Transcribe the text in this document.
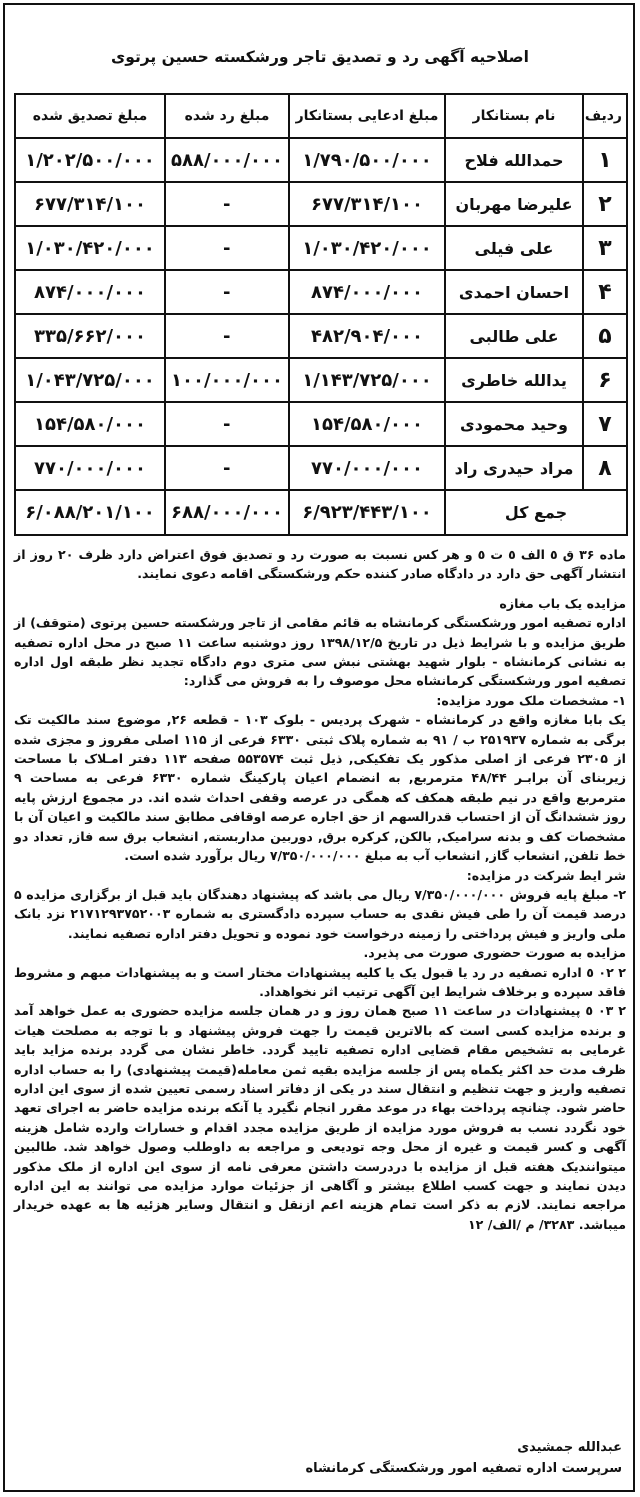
اصلاحیه آگهی رد و تصدیق تاجر ورشکسته حسین پرتوی
ردیف	نام بستانکار	مبلغ ادعایی بستانکار	مبلغ رد شده	مبلغ تصدیق شده
۱	حمدالله فلاح	۱/۷۹۰/۵۰۰/۰۰۰	۵۸۸/۰۰۰/۰۰۰	۱/۲۰۲/۵۰۰/۰۰۰
۲	علیرضا مهربان	۶۷۷/۳۱۴/۱۰۰	-	۶۷۷/۳۱۴/۱۰۰
۳	علی فیلی	۱/۰۳۰/۴۲۰/۰۰۰	-	۱/۰۳۰/۴۲۰/۰۰۰
۴	احسان احمدی	۸۷۴/۰۰۰/۰۰۰	-	۸۷۴/۰۰۰/۰۰۰
۵	علی طالبی	۴۸۲/۹۰۴/۰۰۰	-	۳۳۵/۶۶۲/۰۰۰
۶	یدالله خاطری	۱/۱۴۳/۷۲۵/۰۰۰	۱۰۰/۰۰۰/۰۰۰	۱/۰۴۳/۷۲۵/۰۰۰
۷	وحید محمودی	۱۵۴/۵۸۰/۰۰۰	-	۱۵۴/۵۸۰/۰۰۰
۸	مراد حیدری راد	۷۷۰/۰۰۰/۰۰۰	-	۷۷۰/۰۰۰/۰۰۰
جمع کل		۶/۹۲۳/۴۴۳/۱۰۰	۶۸۸/۰۰۰/۰۰۰	۶/۰۸۸/۲۰۱/۱۰۰

ماده ۳۶ ق ٥ الف ٥ ت ٥ و هر کس نسبت به صورت رد و تصدیق فوق اعتراض دارد ظرف ۲۰ روز از انتشار آگهی حق دارد در دادگاه صادر کننده حکم ورشکستگی اقامه دعوی نمایند.

مزایده یک باب مغازه

اداره تصفیه امور ورشکستگی کرمانشاه به قائم مقامی از تاجر ورشکسته حسین پرتوی (متوقف) از طریق مزایده و با شرایط ذیل در تاریخ ۱۳۹۸/۱۲/۵ روز دوشنبه ساعت ۱۱ صبح در محل اداره تصفیه به نشانی کرمانشاه - بلوار شهید بهشتی نبش سی متری دوم دادگاه تجدید نظر طبقه اول اداره تصفیه امور ورشکستگی کرمانشاه محل موصوف را به فروش می گذارد:

۱- مشخصات ملک مورد مزایده:

یک بابا مغازه واقع در کرمانشاه - شهرک پردیس - بلوک ۱۰۳ - قطعه ۲۶, موضوع سند مالکیت تک برگی به شماره ۲۵۱۹۳۷ ب / ۹۱ به شماره پلاک ثبتی ۶۳۳۰ فرعی از ۱۱۵ اصلی مفروز و مجزی شده از ۲۳۰۵ فرعی از اصلی مذکور یک تفکیکی, ذیل ثبت ۵۵۳۵۷۴ صفحه ۱۱۳ دفتر امـلاک با مساحت زیربنای آن برابـر ۴۸/۴۴ مترمربع, به انضمام اعیان پارکینگ شماره ۶۳۳۰ فرعی به مساحت ۹ مترمربع واقع در نیم طبقه همکف که همگی در عرصه وقفی احداث شده اند. در مجموع ارزش پایه روز ششدانگ آن از احتساب قدرالسهم از حق اجاره عرصه اوقافی مطابق سند مالکیت و اعیان آن با مشخصات کف و بدنه سرامیک, بالکن, کرکره برق, دوربین مداربسته, انشعاب برق سه فاز, تعداد دو خط تلفن, انشعاب گاز, انشعاب آب به مبلغ ۷/۳۵۰/۰۰۰/۰۰۰ ریال برآورد شده است.

شر ایط شرکت در مزایده:

۲- مبلغ پایه فروش ۷/۳۵۰/۰۰۰/۰۰۰ ریال می باشد که پیشنهاد دهندگان باید قبل از برگزاری مزایده ۵ درصد قیمت آن را طی فیش نقدی به حساب سپرده دادگستری به شماره ۲۱۷۱۲۹۳۷۵۲۰۰۳ نزد بانک ملی واریز و فیش پرداختی را زمینه درخواست خود نموده و تحویل دفتر اداره تصفیه نمایند.

مزایده به صورت حضوری صورت می پذیرد.

۲ ۰۲ ٥ اداره تصفیه در رد یا قبول یک یا کلیه پیشنهادات مختار است و به پیشنهادات مبهم و مشروط فاقد سپرده و برخلاف شرایط این آگهی ترتیب اثر نخواهداد.

۲ ۰۳ ٥ پیشنهادات در ساعت ۱۱ صبح همان روز و در همان جلسه مزایده حضوری به عمل خواهد آمد و برنده مزایده کسی است که بالاترین قیمت را جهت فروش پیشنهاد و با توجه به مصلحت هیات غرمایی به تشخیص مقام قضایی اداره تصفیه تایید گردد. خاطر نشان می گردد برنده مزاید باید ظرف مدت حد اکثر یکماه پس از جلسه مزایده بقیه ثمن معامله(قیمت پیشنهادی) را به حساب اداره تصفیه واریز و جهت تنظیم و انتقال سند در یکی از دفاتر اسناد رسمی تعیین شده از سوی این اداره حاضر شود. چنانچه پرداخت بهاء در موعد مقرر انجام نگیرد یا آنکه برنده مزایده حاضر به اجرای تعهد خود نگردد نسب به فروش مورد مزایده از طریق مزایده مجدد اقدام و خسارات وارده شامل هزینه آگهی و کسر قیمت و غیره از محل وجه تودیعی و مراجعه به داوطلب وصول خواهد شد. طالبین میتوانندیک هفته قبل از مزایده با دردرست داشتن معرفی نامه از سوی این اداره از ملک مذکور دیدن نمایند و جهت کسب اطلاع بیشتر و آگاهی از جزئیات موارد مزایده می توانند به این اداره مراجعه نمایند. لازم به ذکر است تمام هزینه اعم ازنقل و انتقال وسایر هزئیه ها به عهده خریدار میباشد. ۳۲۸۳/ م /الف/ ۱۲

عبدالله جمشیدی
سرپرست اداره تصفیه امور ورشکستگی کرمانشاه
